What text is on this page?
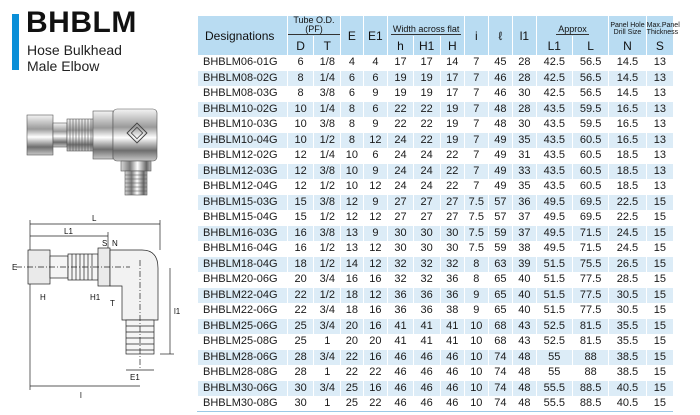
BHBLM
Hose Bulkhead
Male Elbow
L
L1
N
S
E
H	H1
T
l1
E1
l
Designations	Tube O.D. (PF)		E	E1	Width across flat			i	ℓ	l1	Approx		Panel Hole Drill Size	Max.Panel Thickness
	D	T			h	H1	H				L1	L	N	S
BHBLM06-01G	6	1/8	4	4	17	17	14	7	45	28	42.5	56.5	14.5	13
BHBLM08-02G	8	1/4	6	6	19	19	17	7	46	28	42.5	56.5	14.5	13
BHBLM08-03G	8	3/8	6	9	19	19	17	7	46	30	42.5	56.5	14.5	13
BHBLM10-02G	10	1/4	8	6	22	22	19	7	48	28	43.5	59.5	16.5	13
BHBLM10-03G	10	3/8	8	9	22	22	19	7	48	30	43.5	59.5	16.5	13
BHBLM10-04G	10	1/2	8	12	24	22	19	7	49	35	43.5	60.5	16.5	13
BHBLM12-02G	12	1/4	10	6	24	24	22	7	49	31	43.5	60.5	18.5	13
BHBLM12-03G	12	3/8	10	9	24	24	22	7	49	33	43.5	60.5	18.5	13
BHBLM12-04G	12	1/2	10	12	24	24	22	7	49	35	43.5	60.5	18.5	13
BHBLM15-03G	15	3/8	12	9	27	27	27	7.5	57	36	49.5	69.5	22.5	15
BHBLM15-04G	15	1/2	12	12	27	27	27	7.5	57	37	49.5	69.5	22.5	15
BHBLM16-03G	16	3/8	13	9	30	30	30	7.5	59	37	49.5	71.5	24.5	15
BHBLM16-04G	16	1/2	13	12	30	30	30	7.5	59	38	49.5	71.5	24.5	15
BHBLM18-04G	18	1/2	14	12	32	32	32	8	63	39	51.5	75.5	26.5	15
BHBLM20-06G	20	3/4	16	16	32	32	36	8	65	40	51.5	77.5	28.5	15
BHBLM22-04G	22	1/2	18	12	36	36	36	9	65	40	51.5	77.5	30.5	15
BHBLM22-06G	22	3/4	18	16	36	36	38	9	65	40	51.5	77.5	30.5	15
BHBLM25-06G	25	3/4	20	16	41	41	41	10	68	43	52.5	81.5	35.5	15
BHBLM25-08G	25	1	20	20	41	41	41	10	68	43	52.5	81.5	35.5	15
BHBLM28-06G	28	3/4	22	16	46	46	46	10	74	48	55	88	38.5	15
BHBLM28-08G	28	1	22	22	46	46	46	10	74	48	55	88	38.5	15
BHBLM30-06G	30	3/4	25	16	46	46	46	10	74	48	55.5	88.5	40.5	15
BHBLM30-08G	30	1	25	22	46	46	46	10	74	48	55.5	88.5	40.5	15
